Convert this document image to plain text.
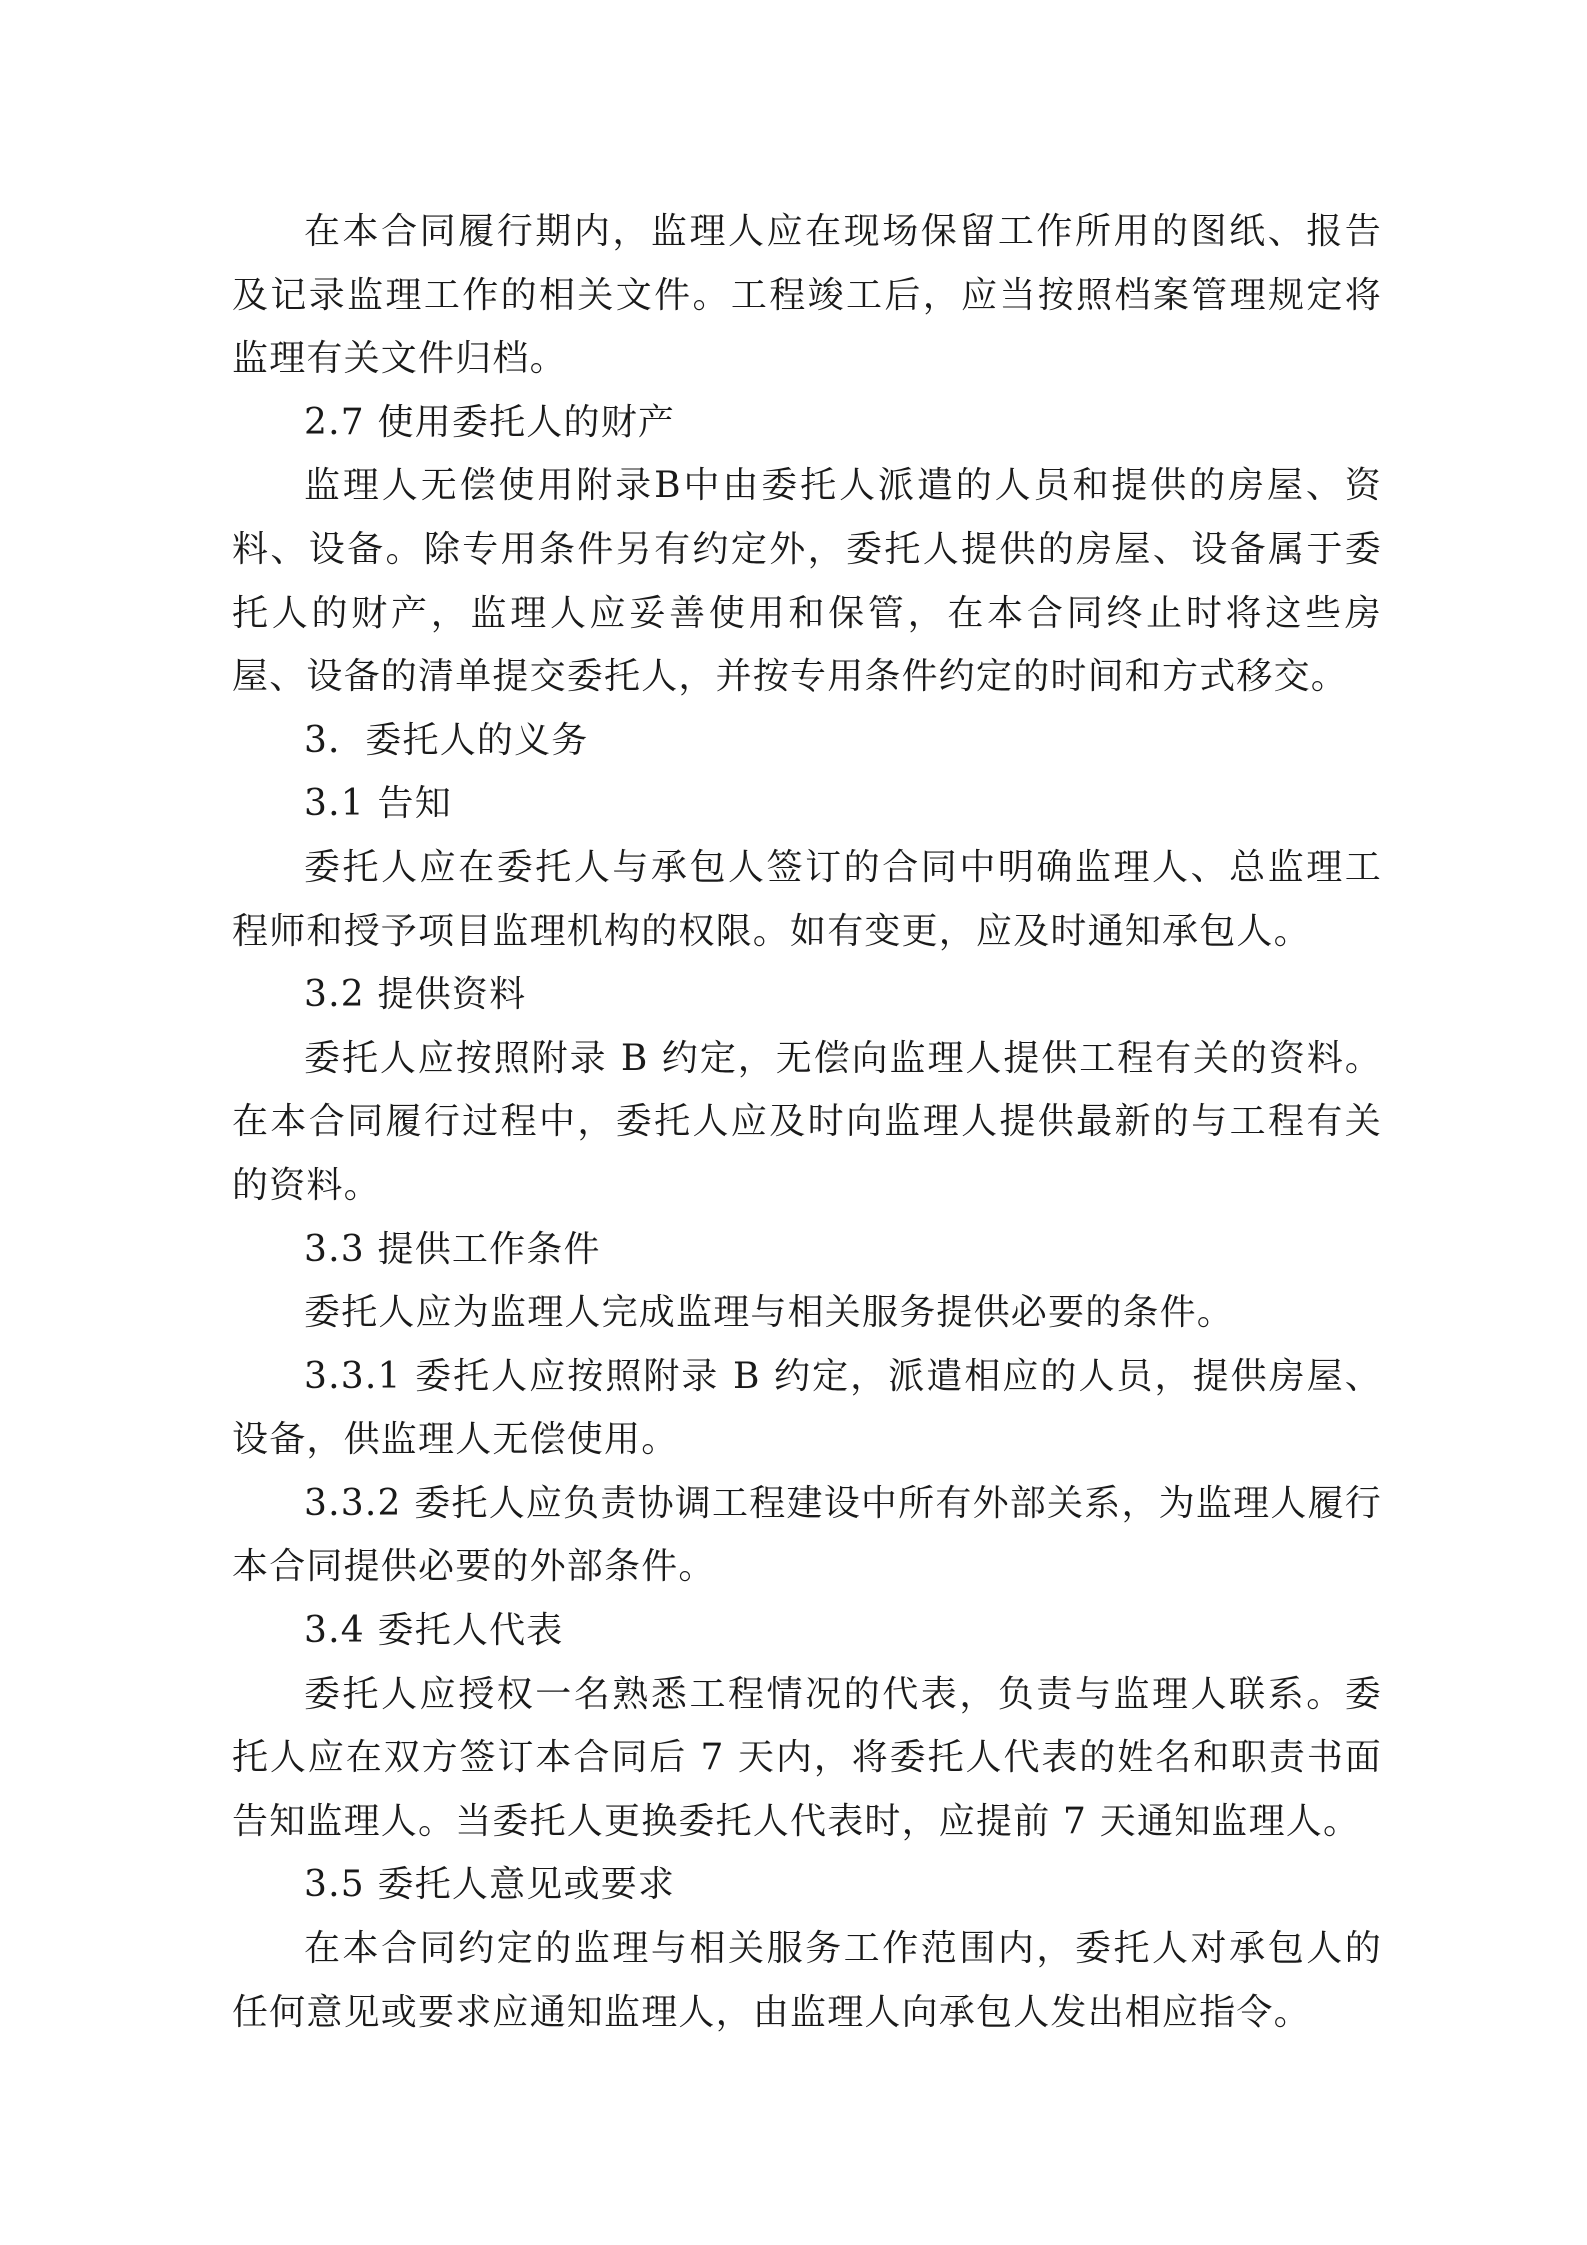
在本合同履行期内，监理人应在现场保留工作所用的图纸、报告及记录监理工作的相关文件。工程竣工后，应当按照档案管理规定将监理有关文件归档。

2.7 使用委托人的财产

监理人无偿使用附录B中由委托人派遣的人员和提供的房屋、资料、设备。除专用条件另有约定外，委托人提供的房屋、设备属于委托人的财产，监理人应妥善使用和保管，在本合同终止时将这些房屋、设备的清单提交委托人，并按专用条件约定的时间和方式移交。

3．委托人的义务

3.1 告知

委托人应在委托人与承包人签订的合同中明确监理人、总监理工程师和授予项目监理机构的权限。如有变更，应及时通知承包人。

3.2 提供资料

委托人应按照附录 B 约定，无偿向监理人提供工程有关的资料。在本合同履行过程中，委托人应及时向监理人提供最新的与工程有关的资料。

3.3 提供工作条件

委托人应为监理人完成监理与相关服务提供必要的条件。

3.3.1 委托人应按照附录 B 约定，派遣相应的人员，提供房屋、设备，供监理人无偿使用。

3.3.2 委托人应负责协调工程建设中所有外部关系，为监理人履行本合同提供必要的外部条件。

3.4 委托人代表

委托人应授权一名熟悉工程情况的代表，负责与监理人联系。委托人应在双方签订本合同后 7 天内，将委托人代表的姓名和职责书面告知监理人。当委托人更换委托人代表时，应提前 7 天通知监理人。

3.5 委托人意见或要求

在本合同约定的监理与相关服务工作范围内，委托人对承包人的任何意见或要求应通知监理人，由监理人向承包人发出相应指令。
